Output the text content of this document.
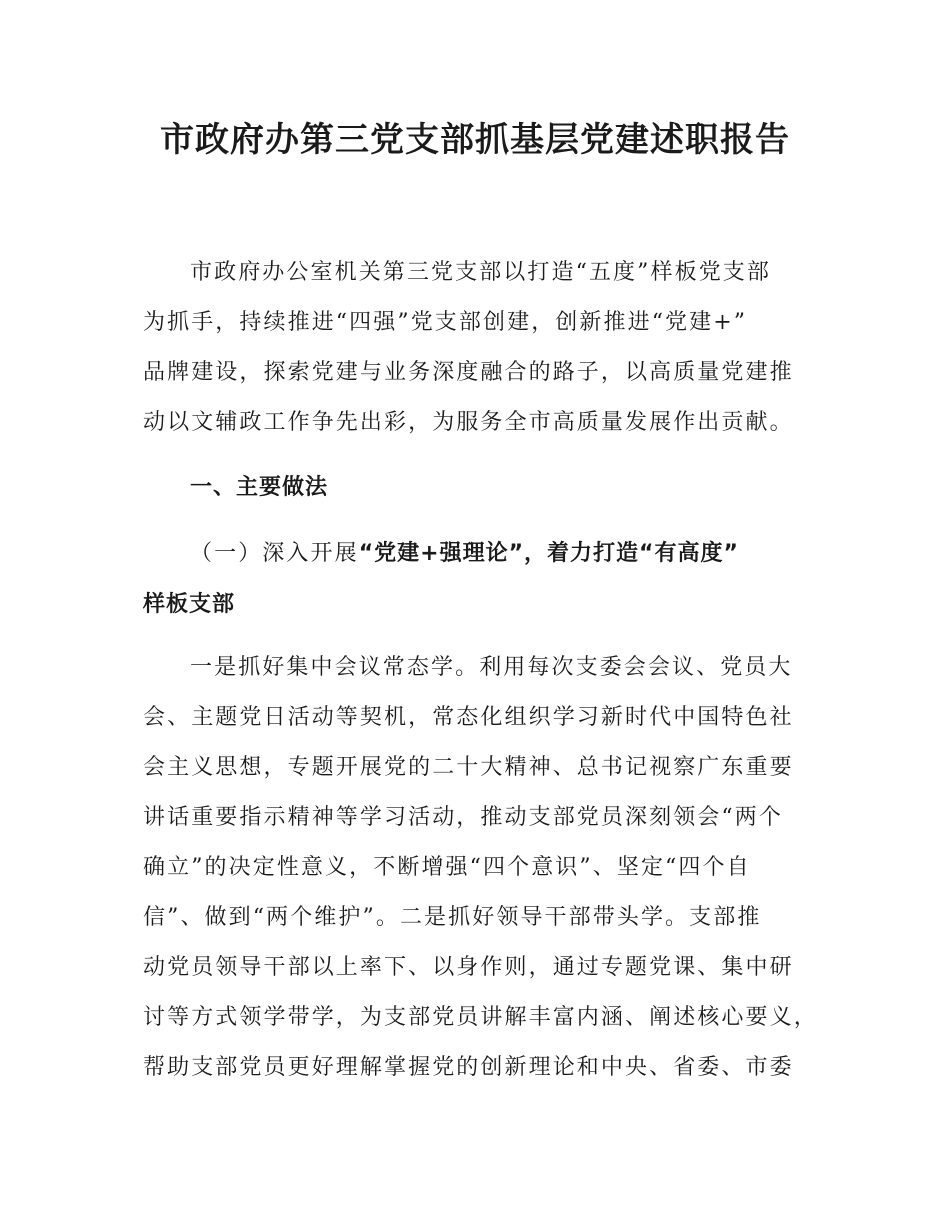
市政府办第三党支部抓基层党建述职报告
市政府办公室机关第三党支部以打造“五度”样板党支部
为抓手，持续推进“四强”党支部创建，创新推进“党建+”
品牌建设，探索党建与业务深度融合的路子，以高质量党建推
动以文辅政工作争先出彩，为服务全市高质量发展作出贡献。
一、主要做法
（一）深入开展“党建+强理论”，着力打造“有高度”
样板支部
一是抓好集中会议常态学。利用每次支委会会议、党员大
会、主题党日活动等契机，常态化组织学习新时代中国特色社
会主义思想，专题开展党的二十大精神、总书记视察广东重要
讲话重要指示精神等学习活动，推动支部党员深刻领会“两个
确立”的决定性意义，不断增强“四个意识”、坚定“四个自
信”、做到“两个维护”。二是抓好领导干部带头学。支部推
动党员领导干部以上率下、以身作则，通过专题党课、集中研
讨等方式领学带学，为支部党员讲解丰富内涵、阐述核心要义，
帮助支部党员更好理解掌握党的创新理论和中央、省委、市委
